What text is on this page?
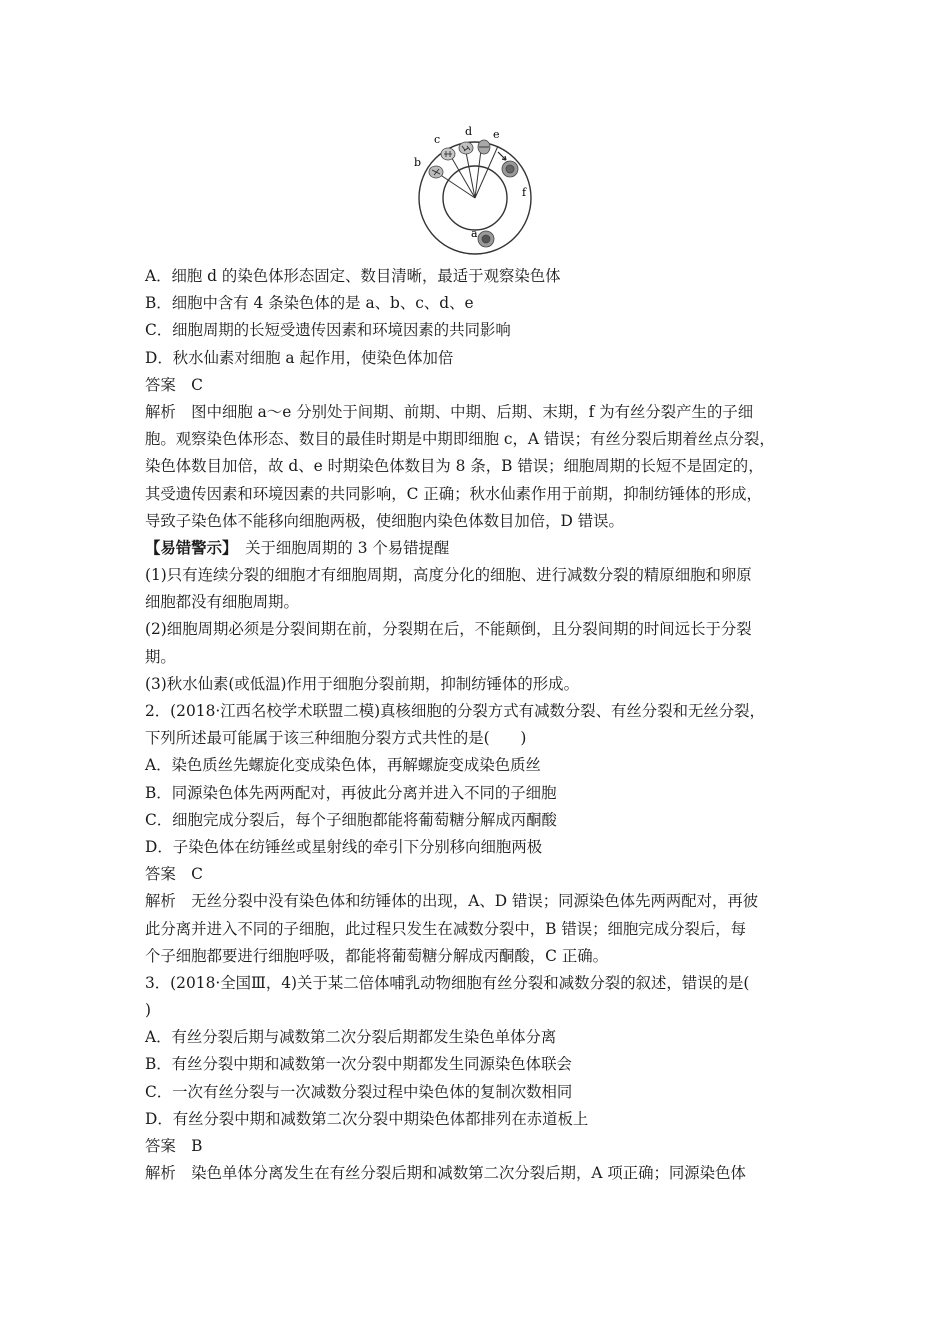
b
c
d e
f
a
A．细胞 d 的染色体形态固定、数目清晰，最适于观察染色体
B．细胞中含有 4 条染色体的是 a、b、c、d、e
C．细胞周期的长短受遗传因素和环境因素的共同影响
D．秋水仙素对细胞 a 起作用，使染色体加倍
答案　C
解析　图中细胞 a～e 分别处于间期、前期、中期、后期、末期，f 为有丝分裂产生的子细
胞。观察染色体形态、数目的最佳时期是中期即细胞 c，A 错误；有丝分裂后期着丝点分裂，
染色体数目加倍，故 d、e 时期染色体数目为 8 条，B 错误；细胞周期的长短不是固定的，
其受遗传因素和环境因素的共同影响，C 正确；秋水仙素作用于前期，抑制纺锤体的形成，
导致子染色体不能移向细胞两极，使细胞内染色体数目加倍，D 错误。
【易错警示】　 关于细胞周期的 3 个易错提醒
(1)只有连续分裂的细胞才有细胞周期，高度分化的细胞、进行减数分裂的精原细胞和卵原
细胞都没有细胞周期。
(2)细胞周期必须是分裂间期在前，分裂期在后，不能颠倒，且分裂间期的时间远长于分裂
期。
(3)秋水仙素(或低温)作用于细胞分裂前期，抑制纺锤体的形成。
2．(2018·江西名校学术联盟二模)真核细胞的分裂方式有减数分裂、有丝分裂和无丝分裂，
下列所述最可能属于该三种细胞分裂方式共性的是(　　)
A．染色质丝先螺旋化变成染色体，再解螺旋变成染色质丝
B．同源染色体先两两配对，再彼此分离并进入不同的子细胞
C．细胞完成分裂后，每个子细胞都能将葡萄糖分解成丙酮酸
D．子染色体在纺锤丝或星射线的牵引下分别移向细胞两极
答案　C
解析　无丝分裂中没有染色体和纺锤体的出现，A、D 错误；同源染色体先两两配对，再彼
此分离并进入不同的子细胞，此过程只发生在减数分裂中，B 错误；细胞完成分裂后，每
个子细胞都要进行细胞呼吸，都能将葡萄糖分解成丙酮酸，C 正确。
3．(2018·全国Ⅲ，4)关于某二倍体哺乳动物细胞有丝分裂和减数分裂的叙述，错误的是(
)
A．有丝分裂后期与减数第二次分裂后期都发生染色单体分离
B．有丝分裂中期和减数第一次分裂中期都发生同源染色体联会
C．一次有丝分裂与一次减数分裂过程中染色体的复制次数相同
D．有丝分裂中期和减数第二次分裂中期染色体都排列在赤道板上
答案　B
解析　染色单体分离发生在有丝分裂后期和减数第二次分裂后期，A 项正确；同源染色体
